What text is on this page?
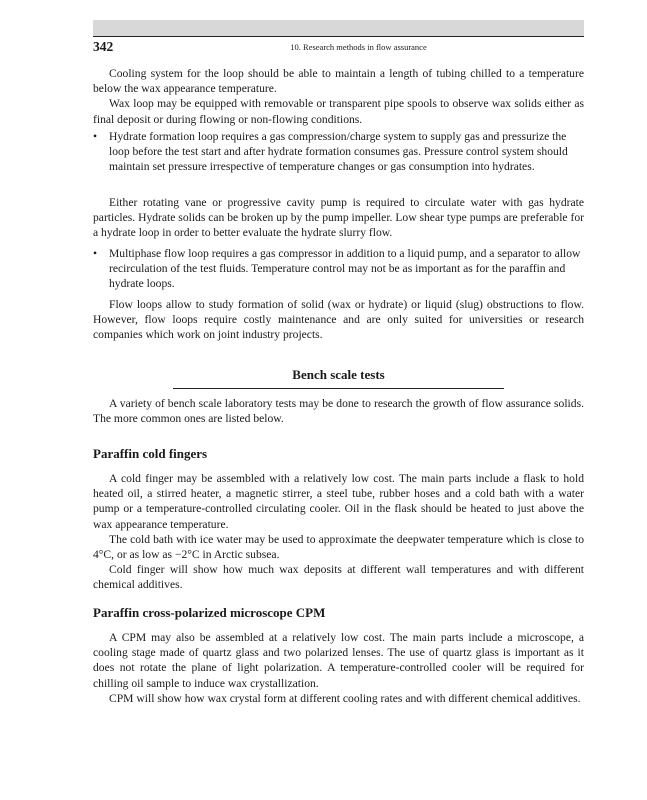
342	10. Research methods in flow assurance

Cooling system for the loop should be able to maintain a length of tubing chilled to a temperature below the wax appearance temperature.

Wax loop may be equipped with removable or transparent pipe spools to observe wax solids either as final deposit or during flowing or non-flowing conditions.

• Hydrate formation loop requires a gas compression/charge system to supply gas and pressurize the loop before the test start and after hydrate formation consumes gas. Pressure control system should maintain set pressure irrespective of temperature changes or gas consumption into hydrates.

Either rotating vane or progressive cavity pump is required to circulate water with gas hydrate particles. Hydrate solids can be broken up by the pump impeller. Low shear type pumps are preferable for a hydrate loop in order to better evaluate the hydrate slurry flow.

• Multiphase flow loop requires a gas compressor in addition to a liquid pump, and a separator to allow recirculation of the test fluids. Temperature control may not be as important as for the paraffin and hydrate loops.

Flow loops allow to study formation of solid (wax or hydrate) or liquid (slug) obstructions to flow. However, flow loops require costly maintenance and are only suited for universities or research companies which work on joint industry projects.

Bench scale tests

A variety of bench scale laboratory tests may be done to research the growth of flow assurance solids. The more common ones are listed below.

Paraffin cold fingers

A cold finger may be assembled with a relatively low cost. The main parts include a flask to hold heated oil, a stirred heater, a magnetic stirrer, a steel tube, rubber hoses and a cold bath with a water pump or a temperature-controlled circulating cooler. Oil in the flask should be heated to just above the wax appearance temperature.

The cold bath with ice water may be used to approximate the deepwater temperature which is close to 4°C, or as low as −2°C in Arctic subsea.

Cold finger will show how much wax deposits at different wall temperatures and with different chemical additives.

Paraffin cross-polarized microscope CPM

A CPM may also be assembled at a relatively low cost. The main parts include a microscope, a cooling stage made of quartz glass and two polarized lenses. The use of quartz glass is important as it does not rotate the plane of light polarization. A temperature-controlled cooler will be required for chilling oil sample to induce wax crystallization.

CPM will show how wax crystal form at different cooling rates and with different chemical additives.
